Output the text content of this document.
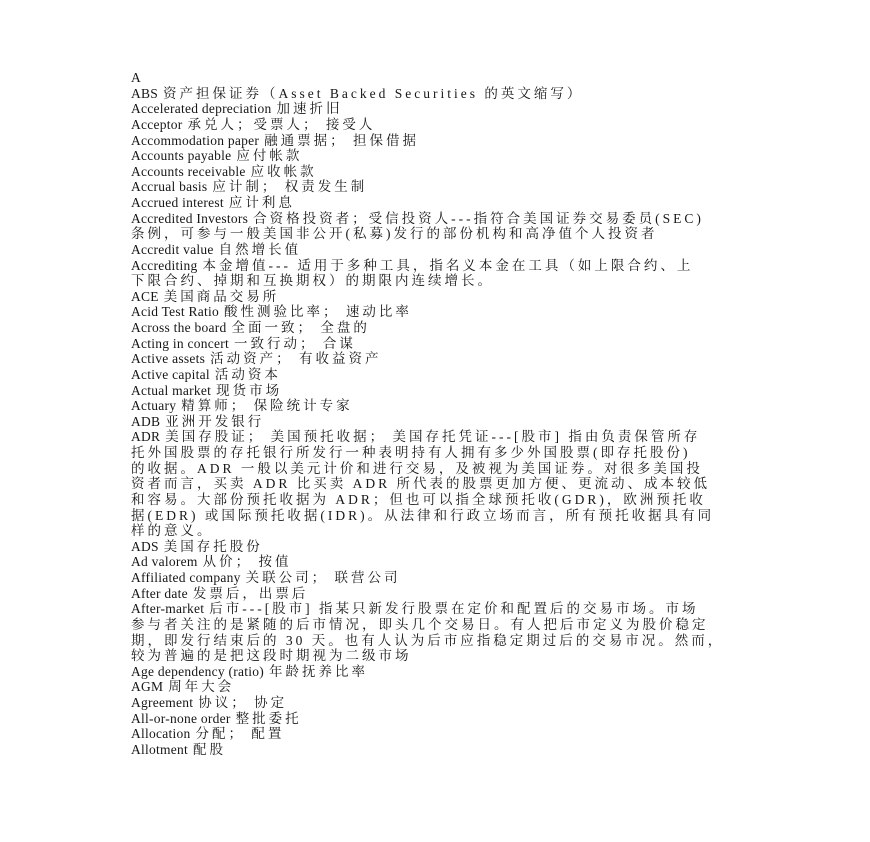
A
ABS 资产担保证券（Asset Backed Securities 的英文缩写）
Accelerated depreciation 加速折旧
Acceptor 承兑人；受票人； 接受人
Accommodation paper 融通票据； 担保借据
Accounts payable 应付帐款
Accounts receivable 应收帐款
Accrual basis 应计制； 权责发生制
Accrued interest 应计利息
Accredited Investors 合资格投资者；受信投资人---指符合美国证券交易委员(SEC)
条例，可参与一般美国非公开(私募)发行的部份机构和高净值个人投资者
Accredit value 自然增长值
Accrediting 本金增值--- 适用于多种工具，指名义本金在工具（如上限合约、上
下限合约、掉期和互换期权）的期限内连续增长。
ACE 美国商品交易所
Acid Test Ratio 酸性测验比率； 速动比率
Across the board 全面一致； 全盘的
Acting in concert 一致行动； 合谋
Active assets 活动资产； 有收益资产
Active capital 活动资本
Actual market 现货市场
Actuary 精算师； 保险统计专家
ADB 亚洲开发银行
ADR 美国存股证； 美国预托收据； 美国存托凭证---[股市] 指由负责保管所存
托外国股票的存托银行所发行一种表明持有人拥有多少外国股票(即存托股份)
的收据。ADR 一般以美元计价和进行交易，及被视为美国证券。对很多美国投
资者而言，买卖 ADR 比买卖 ADR 所代表的股票更加方便、更流动、成本较低
和容易。大部份预托收据为 ADR；但也可以指全球预托收(GDR)，欧洲预托收
据(EDR) 或国际预托收据(IDR)。从法律和行政立场而言，所有预托收据具有同
样的意义。
ADS 美国存托股份
Ad valorem 从价； 按值
Affiliated company 关联公司； 联营公司
After date 发票后，出票后
After-market 后市---[股市] 指某只新发行股票在定价和配置后的交易市场。市场
参与者关注的是紧随的后市情况，即头几个交易日。有人把后市定义为股价稳定
期，即发行结束后的 30 天。也有人认为后市应指稳定期过后的交易市况。然而，
较为普遍的是把这段时期视为二级市场
Age dependency (ratio) 年龄抚养比率
AGM 周年大会
Agreement 协议； 协定
All-or-none order 整批委托
Allocation 分配； 配置
Allotment 配股
